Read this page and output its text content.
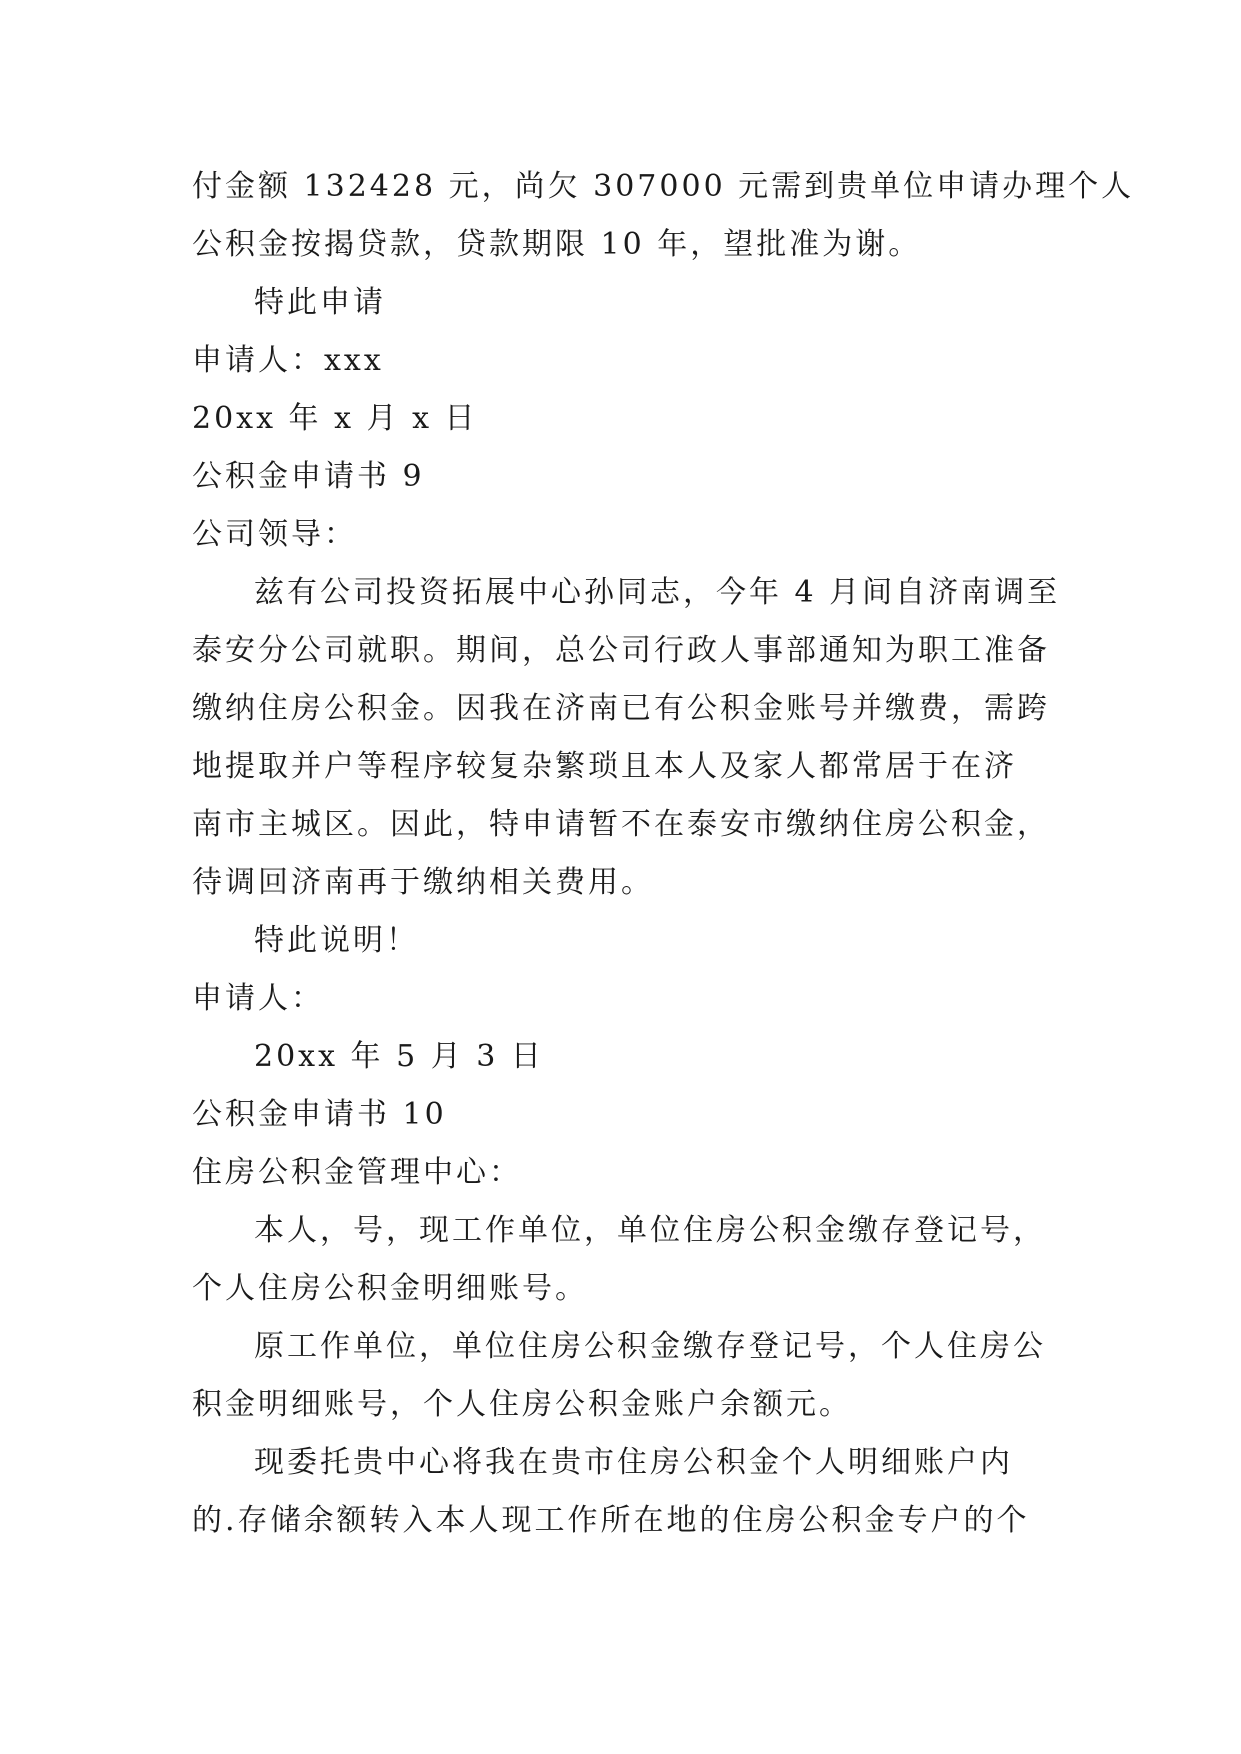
付金额 132428 元，尚欠 307000 元需到贵单位申请办理个人

公积金按揭贷款，贷款期限 10 年，望批准为谢。

特此申请

申请人：xxx

20xx 年 x 月 x 日

公积金申请书 9

公司领导：

兹有公司投资拓展中心孙同志，今年 4 月间自济南调至

泰安分公司就职。期间，总公司行政人事部通知为职工准备

缴纳住房公积金。因我在济南已有公积金账号并缴费，需跨

地提取并户等程序较复杂繁琐且本人及家人都常居于在济

南市主城区。因此，特申请暂不在泰安市缴纳住房公积金，

待调回济南再于缴纳相关费用。

特此说明！

申请人：

20xx 年 5 月 3 日

公积金申请书 10

住房公积金管理中心：

本人，号，现工作单位，单位住房公积金缴存登记号，

个人住房公积金明细账号。

原工作单位，单位住房公积金缴存登记号，个人住房公

积金明细账号，个人住房公积金账户余额元。

现委托贵中心将我在贵市住房公积金个人明细账户内

的.存储余额转入本人现工作所在地的住房公积金专户的个
